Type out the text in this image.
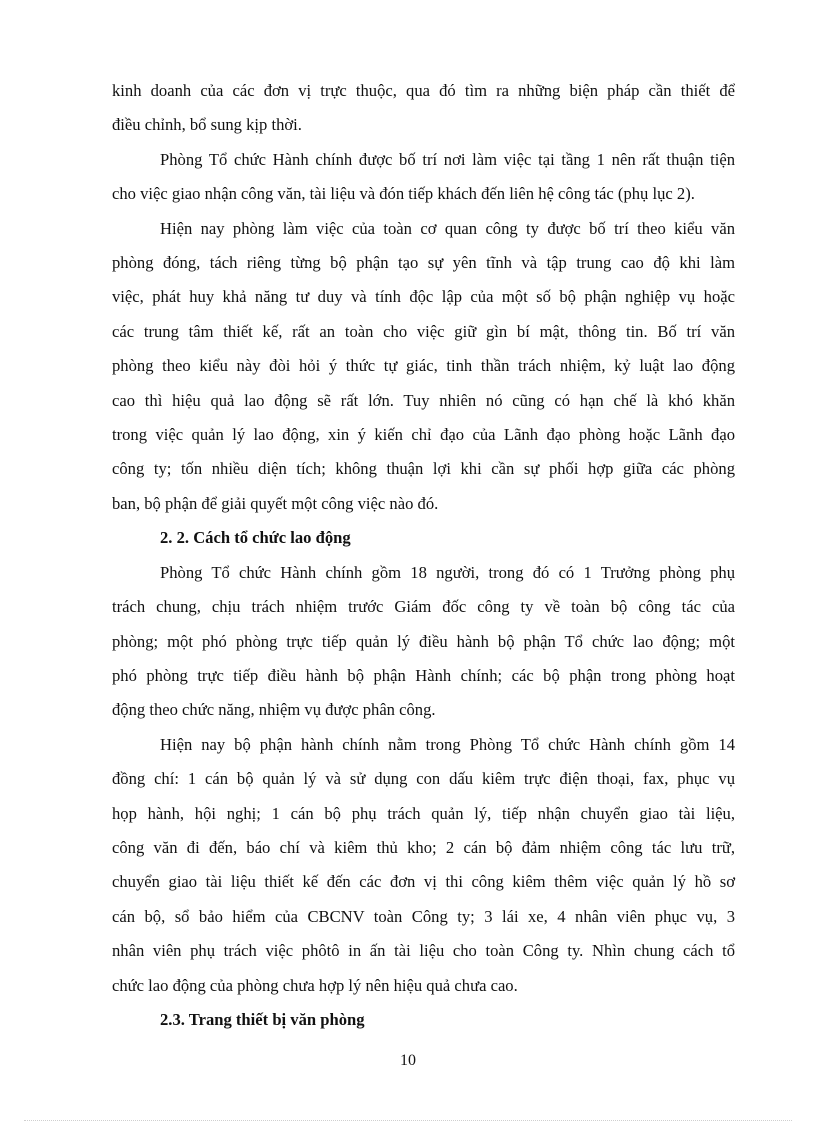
kinh doanh của các đơn vị trực thuộc, qua đó tìm ra những biện pháp cần thiết để
điều chỉnh, bổ sung kịp thời.

Phòng Tổ chức Hành chính được bố trí nơi làm việc tại tầng 1 nên rất thuận tiện
cho việc giao nhận công văn, tài liệu và đón tiếp khách đến liên hệ công tác (phụ lục 2).

Hiện nay phòng làm việc của toàn cơ quan công ty được bố trí theo kiểu văn
phòng đóng, tách riêng từng bộ phận tạo sự yên tĩnh và tập trung cao độ khi làm
việc, phát huy khả năng tư duy và tính độc lập của một số bộ phận nghiệp vụ hoặc
các trung tâm thiết kế, rất an toàn cho việc giữ gìn bí mật, thông tin. Bố trí văn
phòng theo kiểu này đòi hỏi ý thức tự giác, tinh thần trách nhiệm, kỷ luật lao động
cao thì hiệu quả lao động sẽ rất lớn. Tuy nhiên nó cũng có hạn chế là khó khăn
trong việc quản lý lao động, xin ý kiến chỉ đạo của Lãnh đạo phòng hoặc Lãnh đạo
công ty; tốn nhiều diện tích; không thuận lợi khi cần sự phối hợp giữa các phòng
ban, bộ phận để giải quyết một công việc nào đó.

2. 2. Cách tổ chức lao động

Phòng Tổ chức Hành chính gồm 18 người, trong đó có 1 Trưởng phòng phụ
trách chung, chịu trách nhiệm trước Giám đốc công ty về toàn bộ công tác của
phòng; một phó phòng trực tiếp quản lý điều hành bộ phận Tổ chức lao động; một
phó phòng trực tiếp điều hành bộ phận Hành chính; các bộ phận trong phòng hoạt
động theo chức năng, nhiệm vụ được phân công.

Hiện nay bộ phận hành chính nằm trong Phòng Tổ chức Hành chính gồm 14
đồng chí: 1 cán bộ quản lý và sử dụng con dấu kiêm trực điện thoại, fax, phục vụ
họp hành, hội nghị; 1 cán bộ phụ trách quản lý, tiếp nhận chuyển giao tài liệu,
công văn đi đến, báo chí và kiêm thủ kho; 2 cán bộ đảm nhiệm công tác lưu trữ,
chuyển giao tài liệu thiết kế đến các đơn vị thi công kiêm thêm việc quản lý hồ sơ
cán bộ, sổ bảo hiểm của CBCNV toàn Công ty; 3 lái xe, 4 nhân viên phục vụ, 3
nhân viên phụ trách việc phôtô in ấn tài liệu cho toàn Công ty. Nhìn chung cách tổ
chức lao động của phòng chưa hợp lý nên hiệu quả chưa cao.

2.3. Trang thiết bị văn phòng

10
